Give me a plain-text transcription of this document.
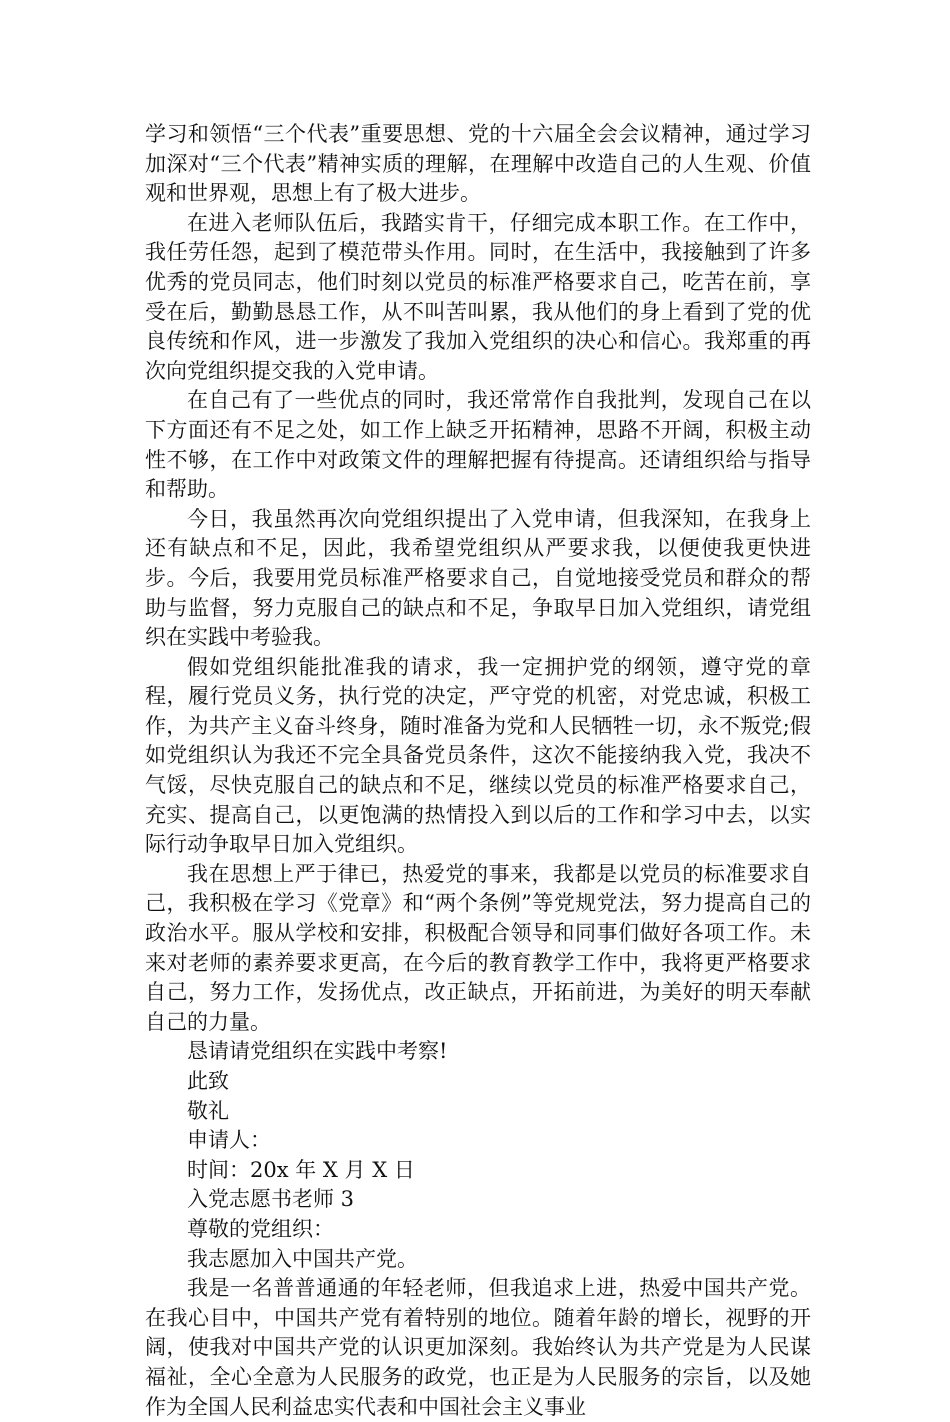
学习和领悟“三个代表”重要思想、党的十六届全会会议精神，通过学习加深对“三个代表”精神实质的理解，在理解中改造自己的人生观、价值观和世界观，思想上有了极大进步。

在进入老师队伍后，我踏实肯干，仔细完成本职工作。在工作中，我任劳任怨，起到了模范带头作用。同时，在生活中，我接触到了许多优秀的党员同志，他们时刻以党员的标准严格要求自己，吃苦在前，享受在后，勤勤恳恳工作，从不叫苦叫累，我从他们的身上看到了党的优良传统和作风，进一步激发了我加入党组织的决心和信心。我郑重的再次向党组织提交我的入党申请。

在自己有了一些优点的同时，我还常常作自我批判，发现自己在以下方面还有不足之处，如工作上缺乏开拓精神，思路不开阔，积极主动性不够，在工作中对政策文件的理解把握有待提高。还请组织给与指导和帮助。

今日，我虽然再次向党组织提出了入党申请，但我深知，在我身上还有缺点和不足，因此，我希望党组织从严要求我，以便使我更快进步。今后，我要用党员标准严格要求自己，自觉地接受党员和群众的帮助与监督，努力克服自己的缺点和不足，争取早日加入党组织，请党组织在实践中考验我。

假如党组织能批准我的请求，我一定拥护党的纲领，遵守党的章程，履行党员义务，执行党的决定，严守党的机密，对党忠诚，积极工作，为共产主义奋斗终身，随时准备为党和人民牺牲一切，永不叛党;假如党组织认为我还不完全具备党员条件，这次不能接纳我入党，我决不气馁，尽快克服自己的缺点和不足，继续以党员的标准严格要求自己，充实、提高自己，以更饱满的热情投入到以后的工作和学习中去，以实际行动争取早日加入党组织。

我在思想上严于律已，热爱党的事来，我都是以党员的标准要求自己，我积极在学习《党章》和“两个条例”等党规党法，努力提高自己的政治水平。服从学校和安排，积极配合领导和同事们做好各项工作。未来对老师的素养要求更高，在今后的教育教学工作中，我将更严格要求自己，努力工作，发扬优点，改正缺点，开拓前进，为美好的明天奉献自己的力量。

恳请请党组织在实践中考察!

此致

敬礼

申请人：

时间：20x 年 X 月 X 日

入党志愿书老师 3

尊敬的党组织：

我志愿加入中国共产党。

我是一名普普通通的年轻老师，但我追求上进，热爱中国共产党。在我心目中，中国共产党有着特别的地位。随着年龄的增长，视野的开阔，使我对中国共产党的认识更加深刻。我始终认为共产党是为人民谋福祉，全心全意为人民服务的政党，也正是为人民服务的宗旨，以及她作为全国人民利益忠实代表和中国社会主义事业
